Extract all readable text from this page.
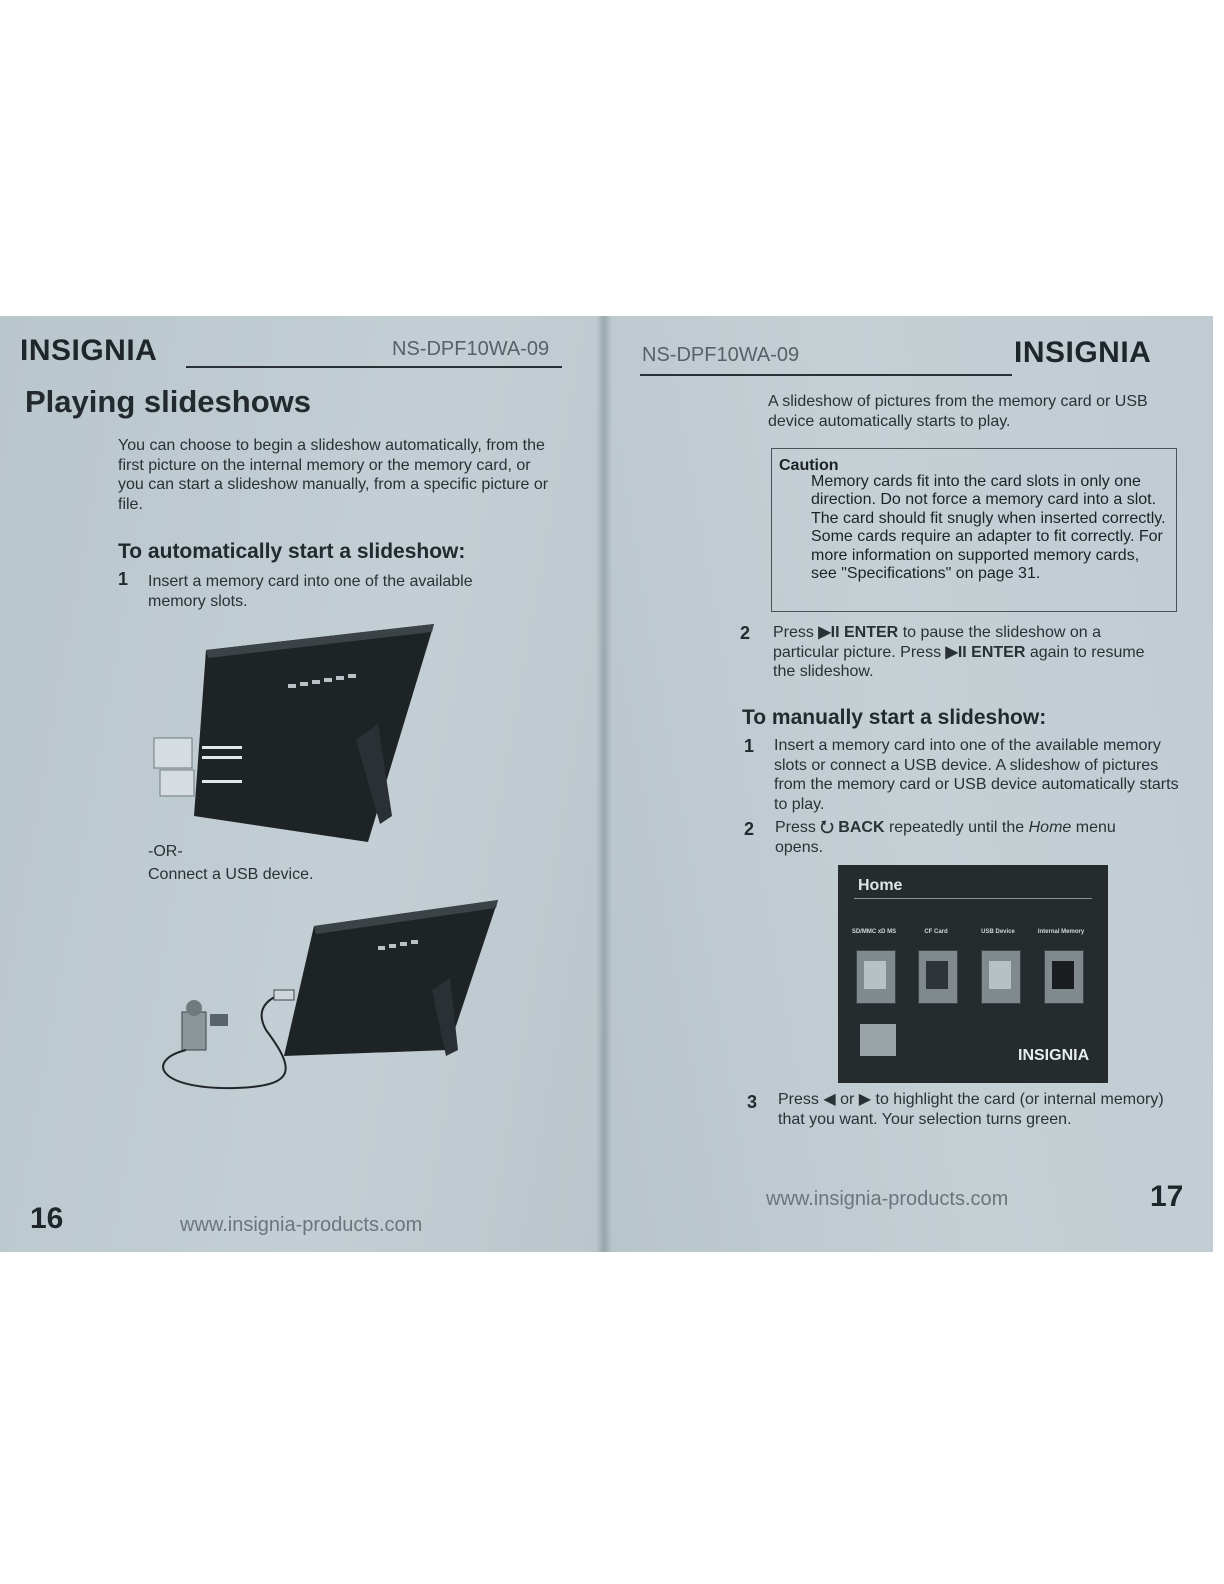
INSIGNIA	NS-DPF10WA-09
Playing slideshows
You can choose to begin a slideshow automatically, from the first picture on the internal memory or the memory card, or you can start a slideshow manually, from a specific picture or file.
To automatically start a slideshow:
1 Insert a memory card into one of the available memory slots.
-OR-
Connect a USB device.
16	www.insignia-products.com
NS-DPF10WA-09	INSIGNIA
A slideshow of pictures from the memory card or USB device automatically starts to play.
Caution
Memory cards fit into the card slots in only one direction. Do not force a memory card into a slot. The card should fit snugly when inserted correctly. Some cards require an adapter to fit correctly. For more information on supported memory cards, see "Specifications" on page 31.
2 Press ▶II ENTER to pause the slideshow on a particular picture. Press ▶II ENTER again to resume the slideshow.
To manually start a slideshow:
1 Insert a memory card into one of the available memory slots or connect a USB device. A slideshow of pictures from the memory card or USB device automatically starts to play.
2 Press ⭮ BACK repeatedly until the Home menu opens.
Home
SD/MMC xD MS	CF Card	USB Device	Internal Memory
INSIGNIA
3 Press ◀ or ▶ to highlight the card (or internal memory) that you want. Your selection turns green.
www.insignia-products.com	17
